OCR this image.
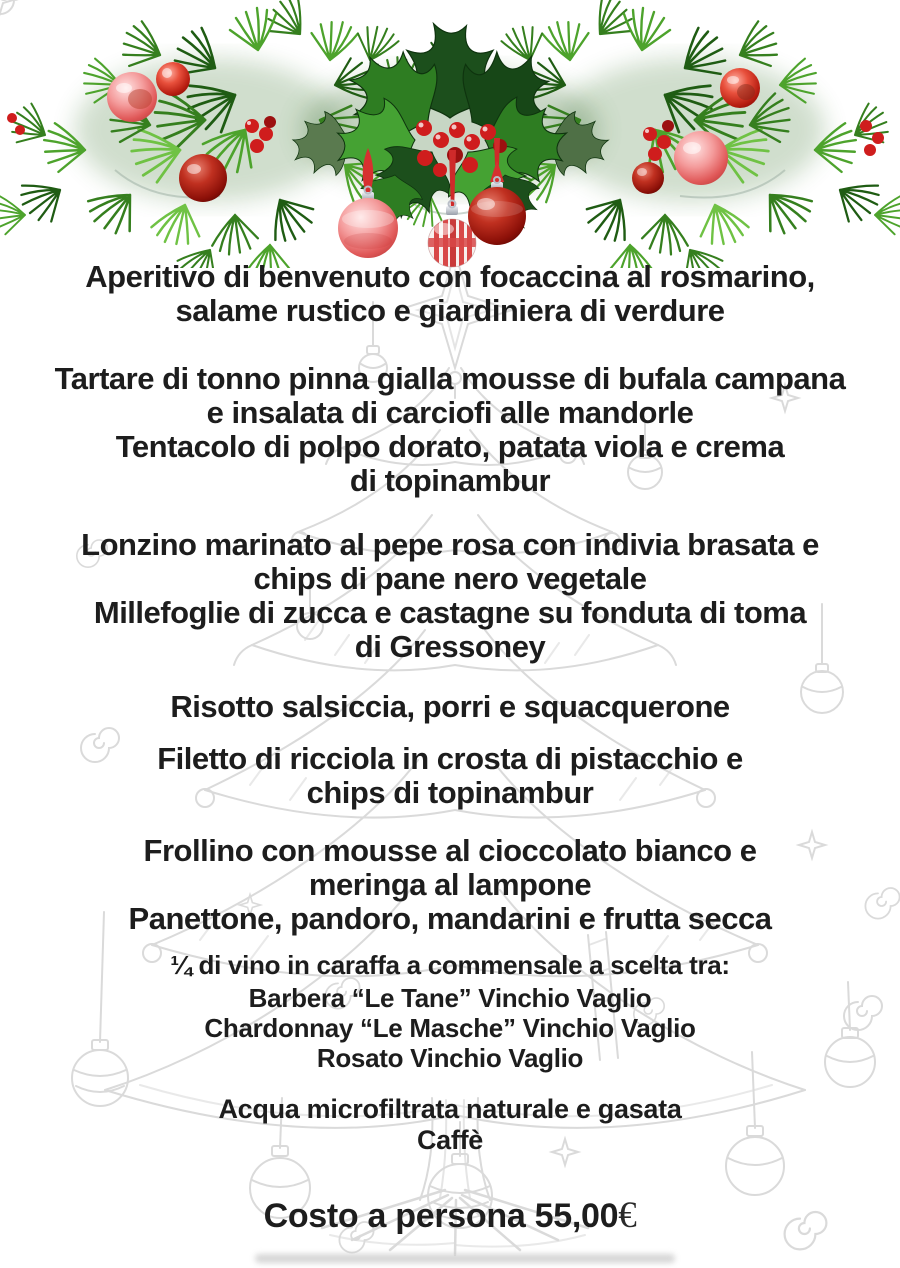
Aperitivo di benvenuto con focaccina al rosmarino,
salame rustico e giardiniera di verdure
Tartare di tonno pinna gialla mousse di bufala campana
e insalata di carciofi alle mandorle
Tentacolo di polpo dorato, patata viola e crema
di topinambur
Lonzino marinato al pepe rosa con indivia brasata e
chips di pane nero vegetale
Millefoglie di zucca e castagne su fonduta di toma
di Gressoney
Risotto salsiccia, porri e squacquerone
Filetto di ricciola in crosta di pistacchio e
chips di topinambur
Frollino con mousse al cioccolato bianco e
meringa al lampone
Panettone, pandoro, mandarini e frutta secca
¼ di vino in caraffa a commensale a scelta tra:
Barbera “Le Tane” Vinchio Vaglio
Chardonnay “Le Masche” Vinchio Vaglio
Rosato Vinchio Vaglio
Acqua microfiltrata naturale e gasata
Caffè
Costo a persona 55,00€
